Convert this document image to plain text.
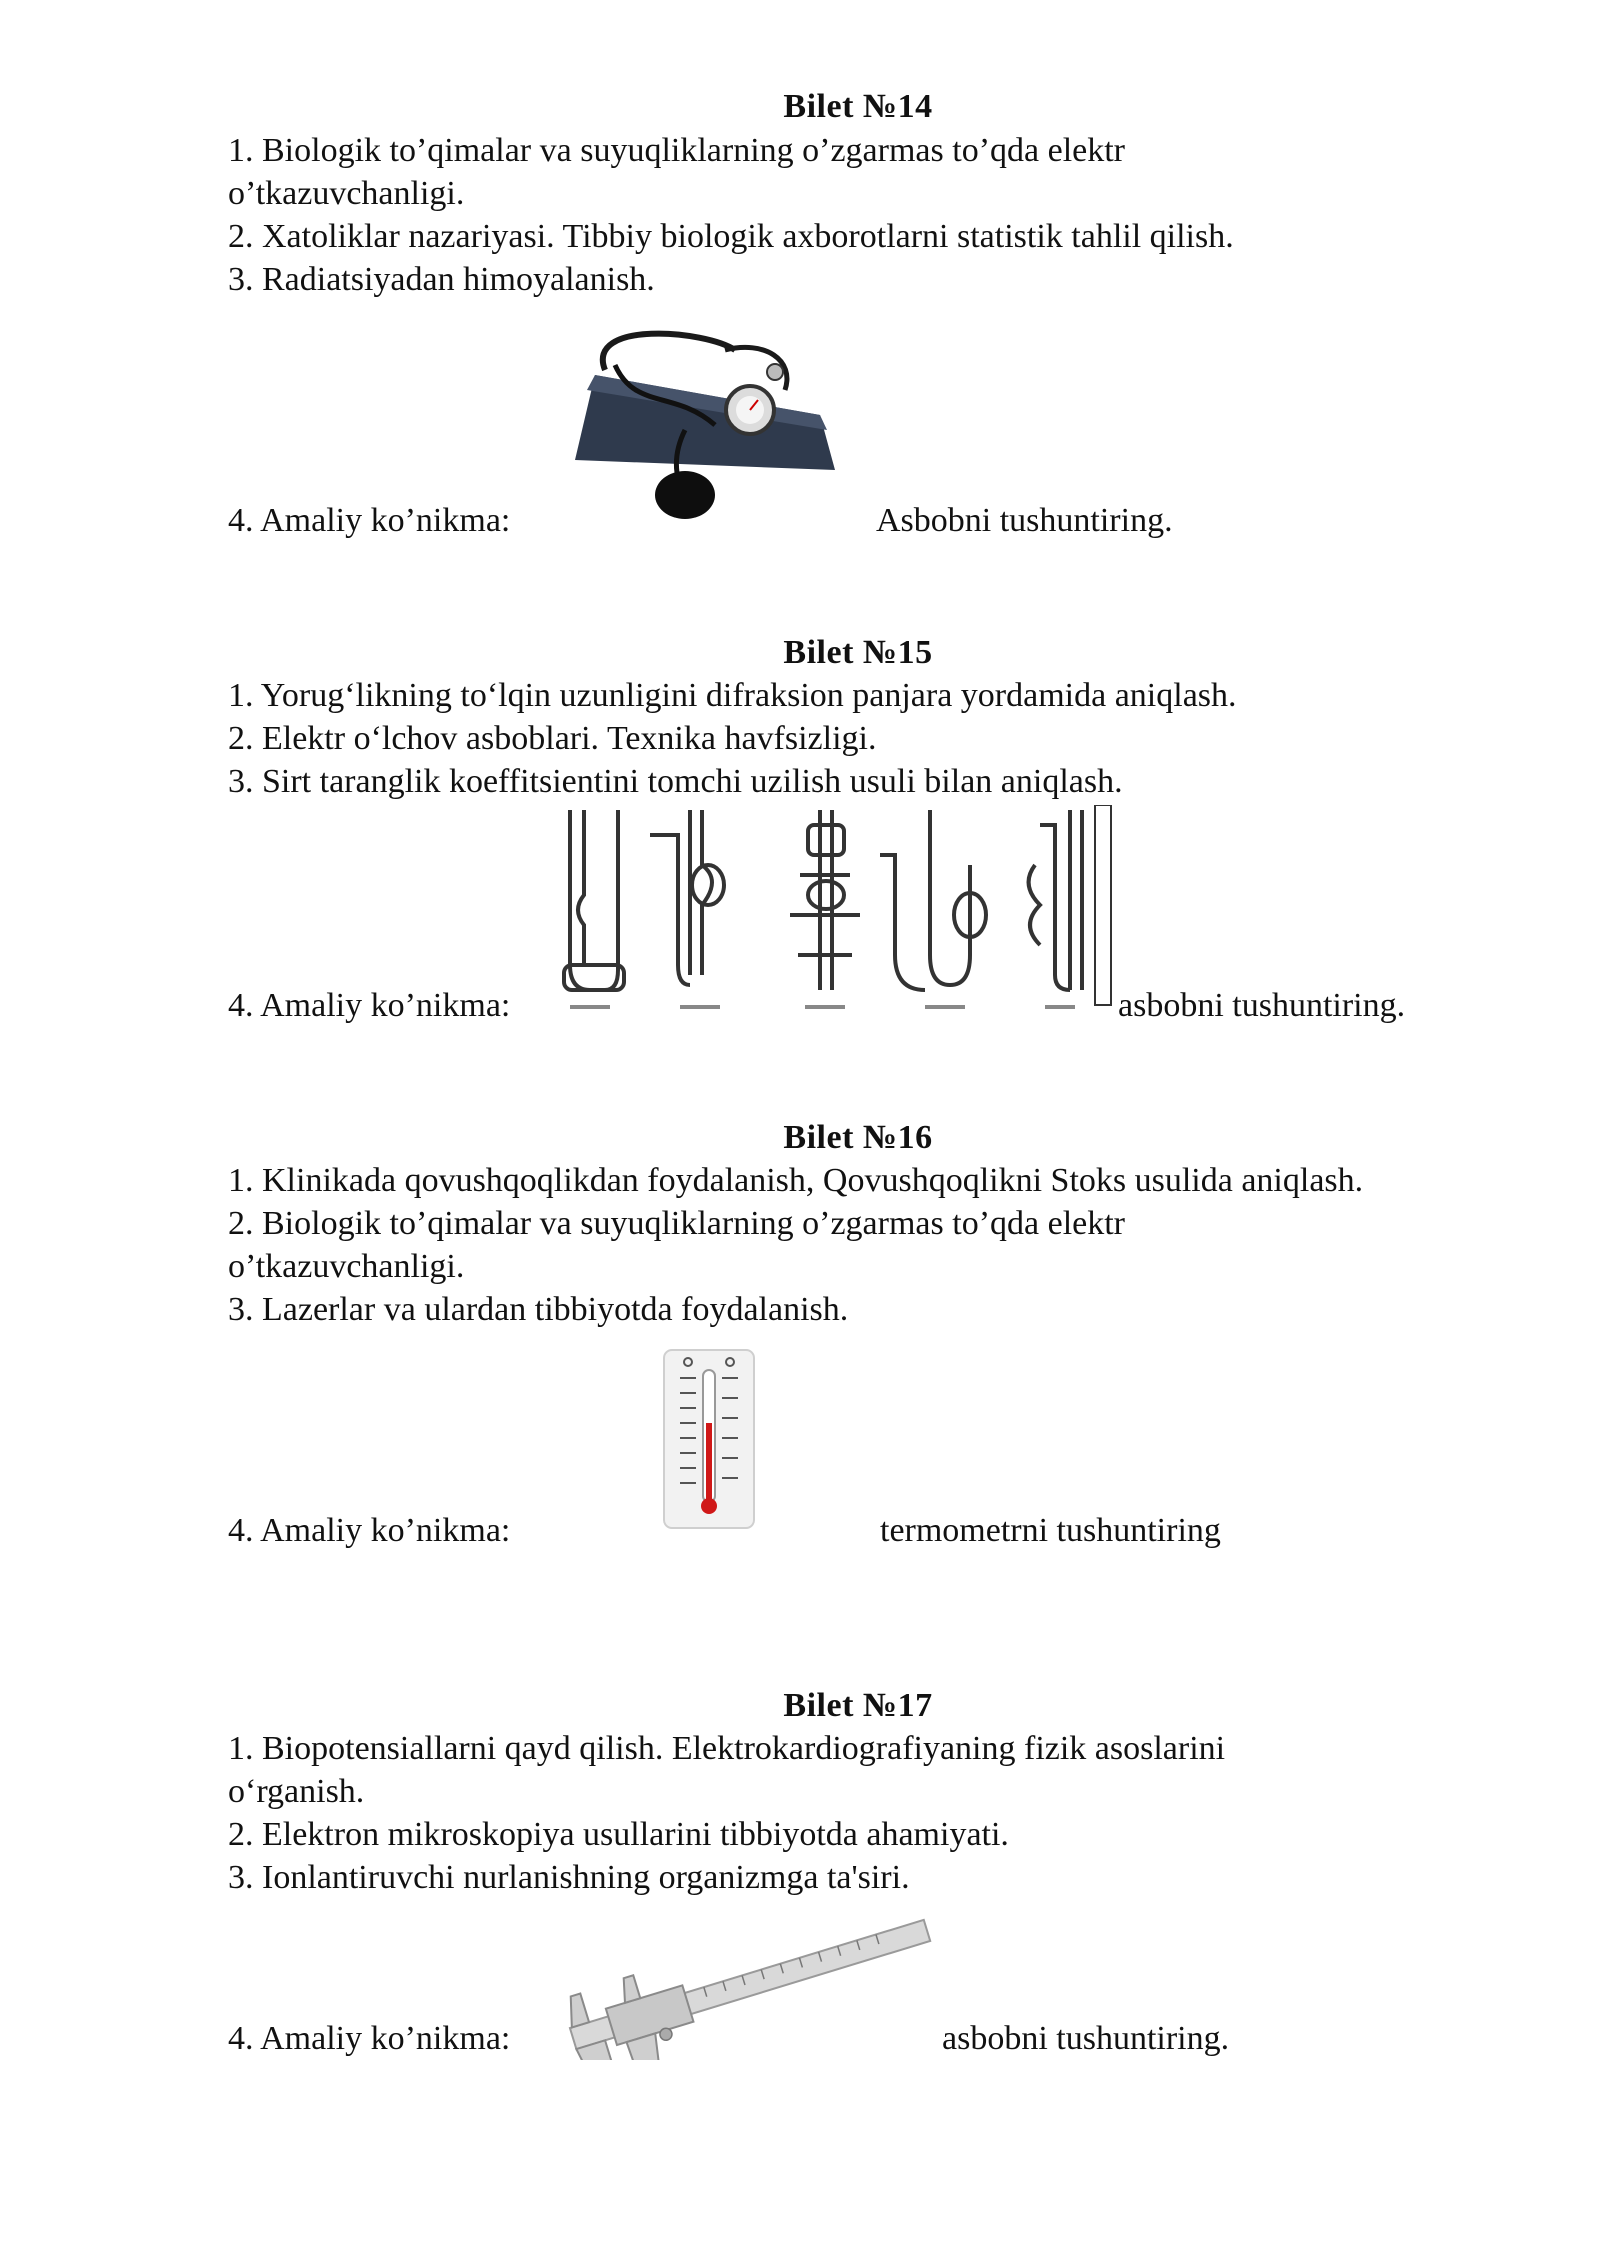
Bilet №14
1. Biologik to’qimalar va suyuqliklarning o’zgarmas to’qda elektr
o’tkazuvchanligi.
2. Xatoliklar nazariyasi. Tibbiy biologik axborotlarni statistik tahlil qilish.
3. Radiatsiyadan himoyalanish.
4. Amaliy ko’nikma:	Asbobni tushuntiring.
Bilet №15
1. Yorug‘likning to‘lqin uzunligini difraksion panjara yordamida aniqlash.
2. Elektr o‘lchov asboblari. Texnika havfsizligi.
3. Sirt taranglik koeffitsientini tomchi uzilish usuli bilan aniqlash.
4. Amaliy ko’nikma:	asbobni tushuntiring.
Bilet №16
1. Klinikada qovushqoqlikdan foydalanish, Qovushqoqlikni Stoks usulida aniqlash.
2. Biologik to’qimalar va suyuqliklarning o’zgarmas to’qda elektr
o’tkazuvchanligi.
3. Lazerlar va ulardan tibbiyotda foydalanish.
4. Amaliy ko’nikma:	termometrni tushuntiring
Bilet №17
1. Biopotensiallarni qayd qilish. Elektrokardiografiyaning fizik asoslarini
o‘rganish.
2. Elektron mikroskopiya usullarini tibbiyotda ahamiyati.
3. Ionlantiruvchi nurlanishning organizmga ta'siri.
4. Amaliy ko’nikma:	asbobni tushuntiring.
